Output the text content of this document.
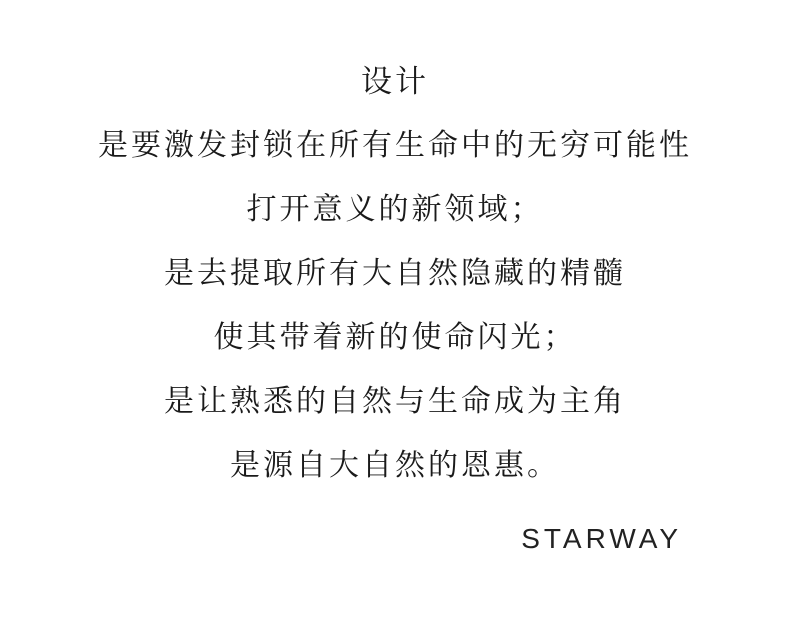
设计
是要激发封锁在所有生命中的无穷可能性
打开意义的新领域；
是去提取所有大自然隐藏的精髓
使其带着新的使命闪光；
是让熟悉的自然与生命成为主角
是源自大自然的恩惠。
STARWAY
